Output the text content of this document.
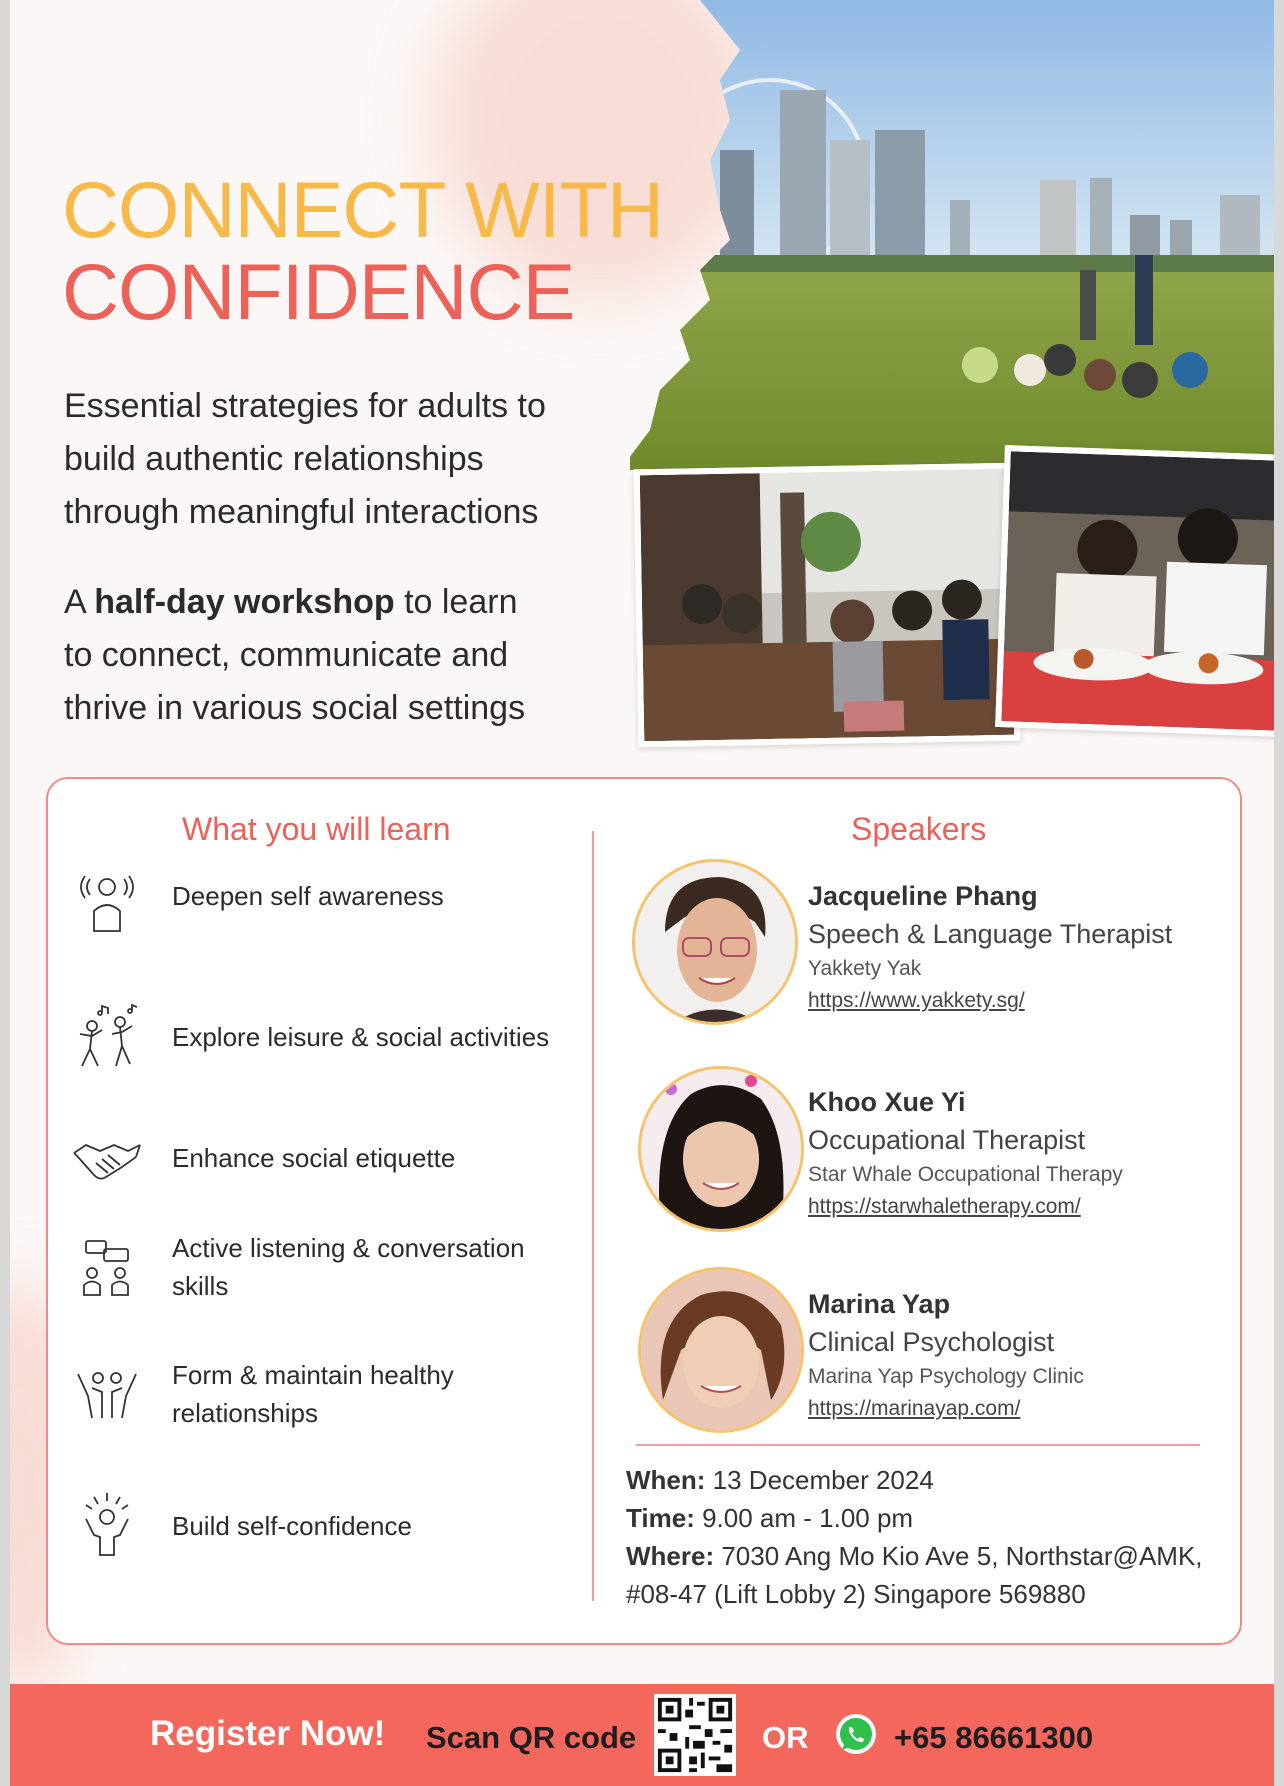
CONNECT WITH
CONFIDENCE
Essential strategies for adults to
build authentic relationships
through meaningful interactions
A half-day workshop to learn
to connect, communicate and
thrive in various social settings
What you will learn	Speakers
Deepen self awareness
Explore leisure & social activities
Enhance social etiquette
Active listening & conversation
skills
Form & maintain healthy
relationships
Build self-confidence
Jacqueline Phang
Speech & Language Therapist
Yakkety Yak
https://www.yakkety.sg/
Khoo Xue Yi
Occupational Therapist
Star Whale Occupational Therapy
https://starwhaletherapy.com/
Marina Yap
Clinical Psychologist
Marina Yap Psychology Clinic
https://marinayap.com/
When: 13 December 2024
Time: 9.00 am - 1.00 pm
Where: 7030 Ang Mo Kio Ave 5, Northstar@AMK,
#08-47 (Lift Lobby 2) Singapore 569880
Register Now! Scan QR code	OR	+65 86661300
